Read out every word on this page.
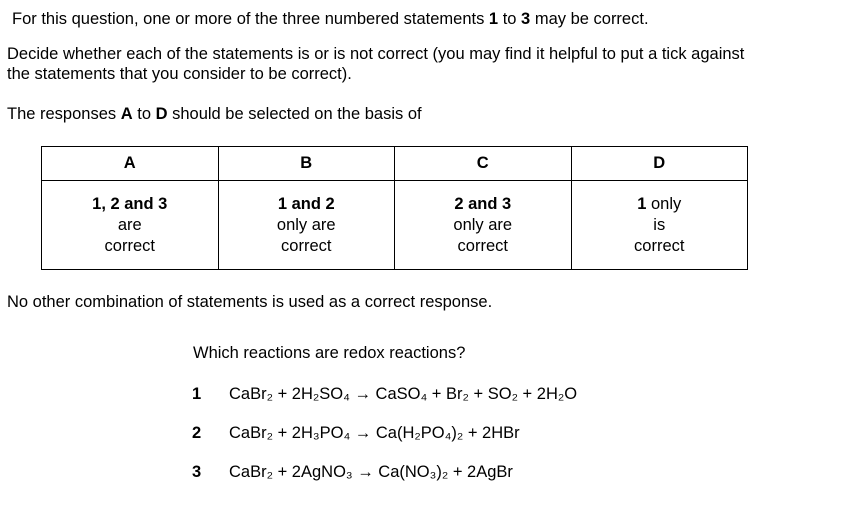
For this question, one or more of the three numbered statements 1 to 3 may be correct.
Decide whether each of the statements is or is not correct (you may find it helpful to put a tick against
the statements that you consider to be correct).
The responses A to D should be selected on the basis of
A	B	C	D

1, 2 and 3
are
correct	1 and 2
only are
correct	2 and 3
only are
correct	1 only
is
correct
No other combination of statements is used as a correct response.
Which reactions are redox reactions?
1	CaBr₂ + 2H₂SO₄ → CaSO₄ + Br₂ + SO₂ + 2H₂O
2	CaBr₂ + 2H₃PO₄ → Ca(H₂PO₄)₂ + 2HBr
3	CaBr₂ + 2AgNO₃ → Ca(NO₃)₂ + 2AgBr
